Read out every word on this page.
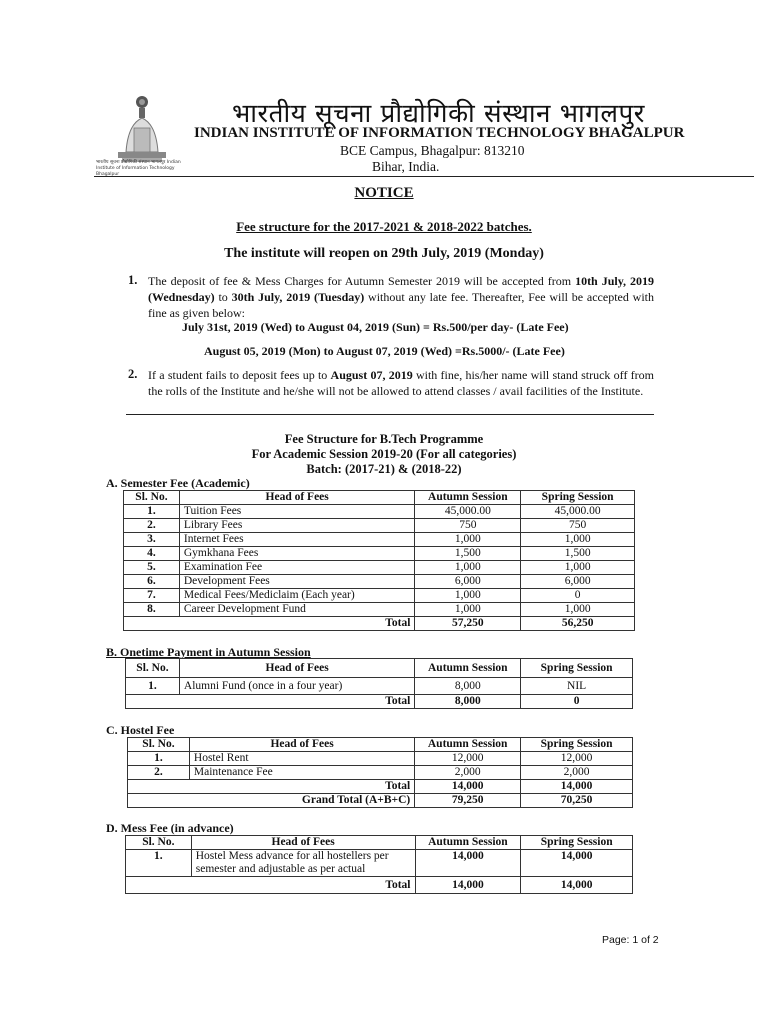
भारतीय सूचना प्रौद्योगिकी संस्थान भागलपुर Indian Institute of Information Technology Bhagalpur
भारतीय सूचना प्रौद्योगिकी संस्थान भागलपुर
INDIAN INSTITUTE OF INFORMATION TECHNOLOGY BHAGALPUR
BCE Campus, Bhagalpur: 813210
Bihar, India.
NOTICE
Fee structure for the 2017-2021 & 2018-2022 batches.
The institute will reopen on 29th July, 2019 (Monday)
1. The deposit of fee & Mess Charges for Autumn Semester 2019 will be accepted from 10th July, 2019 (Wednesday) to 30th July, 2019 (Tuesday) without any late fee. Thereafter, Fee will be accepted with fine as given below:
July 31st, 2019 (Wed) to August 04, 2019 (Sun) = Rs.500/per day- (Late Fee)
August 05, 2019 (Mon) to August 07, 2019 (Wed) =Rs.5000/- (Late Fee)
2. If a student fails to deposit fees up to August 07, 2019 with fine, his/her name will stand struck off from the rolls of the Institute and he/she will not be allowed to attend classes / avail facilities of the Institute.
Fee Structure for B.Tech Programme
For Academic Session 2019-20 (For all categories)
Batch: (2017-21) & (2018-22)
A. Semester Fee (Academic)
Sl. No.	Head of Fees	Autumn Session	Spring Session
1.	Tuition Fees	45,000.00	45,000.00
2.	Library Fees	750	750
3.	Internet Fees	1,000	1,000
4.	Gymkhana Fees	1,500	1,500
5.	Examination Fee	1,000	1,000
6.	Development Fees	6,000	6,000
7.	Medical Fees/Mediclaim (Each year)	1,000	0
8.	Career Development Fund	1,000	1,000
Total		57,250	56,250
B. Onetime Payment in Autumn Session
Sl. No.	Head of Fees	Autumn Session	Spring Session
1.	Alumni Fund (once in a four year)	8,000	NIL
Total		8,000	0
C. Hostel Fee
Sl. No.	Head of Fees	Autumn Session	Spring Session
1.	Hostel Rent	12,000	12,000
2.	Maintenance Fee	2,000	2,000
Total		14,000	14,000
Grand Total (A+B+C)		79,250	70,250
D. Mess Fee (in advance)
Sl. No.	Head of Fees	Autumn Session	Spring Session
1.	Hostel Mess advance for all hostellers per
semester and adjustable as per actual	14,000	14,000
Total		14,000	14,000
Page: 1 of 2
